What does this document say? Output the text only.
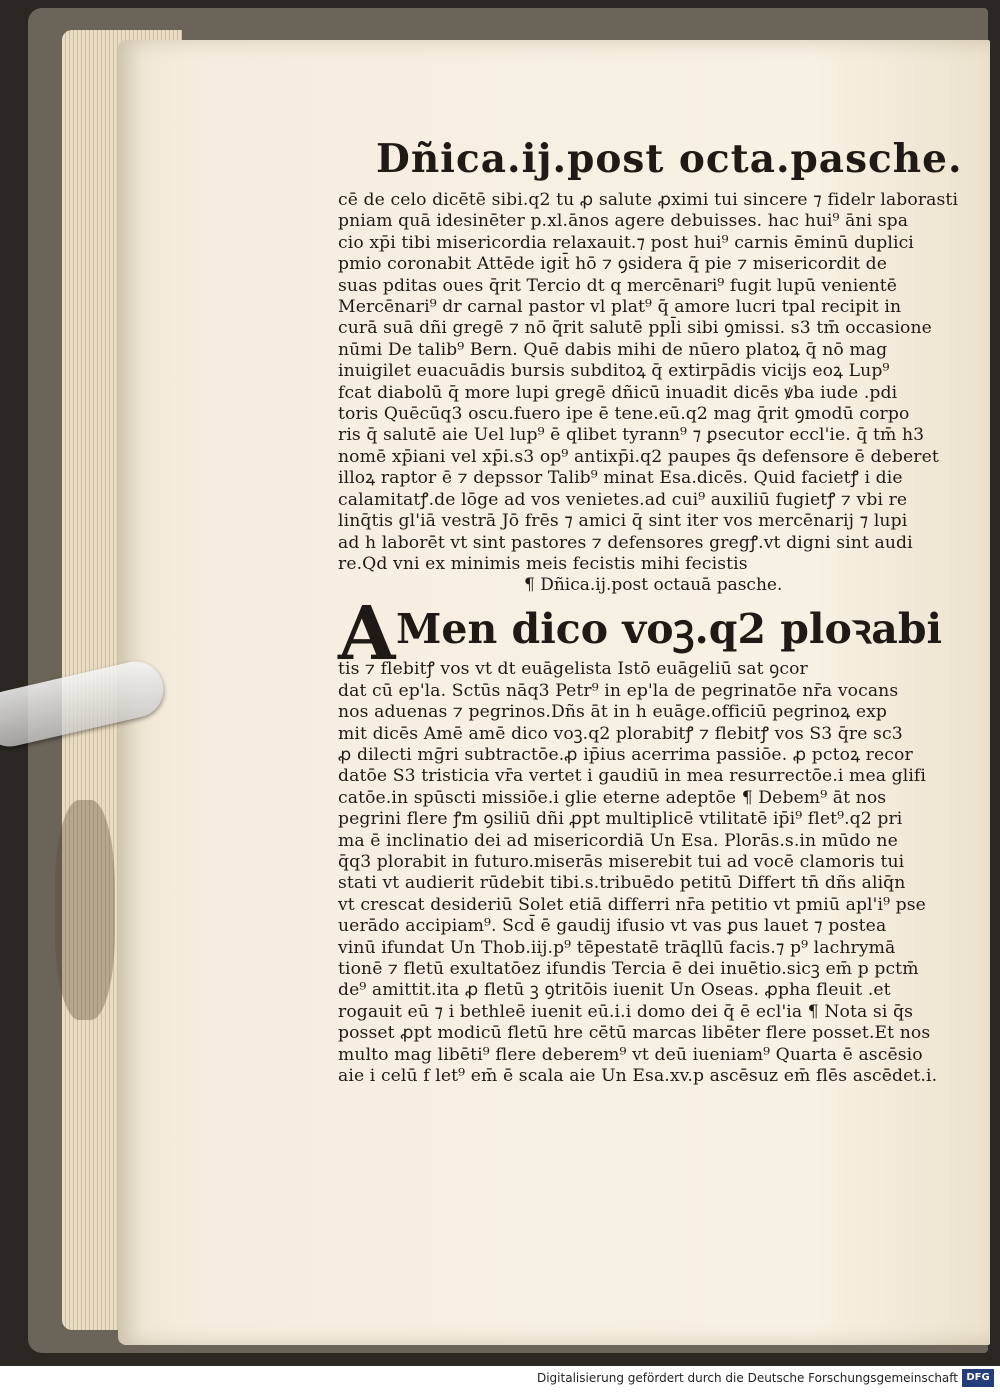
Dñica.ij.post octa.pasche.
cē de celo dicētē sibi.q2 tu ꝓ salute ꝓximi tui sincere ⁊ fidelr laborasti
pniam quā idesinēter p.xl.ānos agere debuisses. hac hui⁹ āni spa
cio xp̄i tibi misericordia relaxauit.⁊ post hui⁹ carnis ēminū duplici
pmio coronabit Attēde igit̄ hō ⁊ ꝯsidera q̄ pie ⁊ misericordit de
suas pditas oues q̄rit Tercio dt q mercēnari⁹ fugit lupū venientē
Mercēnari⁹ dr carnal pastor vl plat⁹ q̄ amore lucri tpal recipit in
curā suā dñi gregē ⁊ nō q̄rit salutē ppl̄i sibi ꝯmissi. s3 tm̄ occasione
nūmi De talib⁹ Bern. Quē dabis mihi de nūero platoꝝ q̄ nō mag
inuigilet euacuādis bursis subditoꝝ q̄ extirpādis vicijs eoꝝ Lup⁹
fcat diabolū q̄ more lupi gregē dñicū inuadit dicēs ꝟba iude .pdi
toris Quēcūq3 oscu.fuero ipe ē tene.eū.q2 mag q̄rit ꝯmodū corpo
ris q̄ salutē aie Uel lup⁹ ē qlibet tyrann⁹ ⁊ ꝑsecutor eccl'ie. q̄ tm̄ h3
nomē xp̄iani vel xp̄i.s3 op⁹ antixp̄i.q2 paupes q̄s defensore ē deberet
illoꝝ raptor ē ⁊ depssor Talib⁹ minat Esa.dicēs. Quid facietꝭ i die
calamitatꝭ.de lōge ad vos venietes.ad cui⁹ auxiliū fugietꝭ ⁊ vbi re
linq̄tis gl'iā vestrā Jō frēs ⁊ amici q̄ sint iter vos mercēnarij ⁊ lupi
ad h laborēt vt sint pastores ⁊ defensores gregꝭ.vt digni sint audi
re.Qd vni ex minimis meis fecistis mihi fecistis
¶ Dñica.ij.post octauā pasche.
A Men dico voꝫ.q2 ploꝛabi
tis ⁊ flebitꝭ vos vt dt euāgelista Istō euāgeliū sat ꝯcor
dat cū ep'la. Sctūs nāq3 Petr⁹ in ep'la de pegrinatōe nr̄a vocans
nos aduenas ⁊ pegrinos.Dñs āt in h euāge.officiū pegrinoꝝ exp
mit dicēs Amē amē dico voꝫ.q2 plorabitꝭ ⁊ flebitꝭ vos S3 q̄re sc3
ꝓ dilecti mḡri subtractōe.ꝓ ip̄ius acerrima passiōe. ꝓ pctoꝝ recor
datōe S3 tristicia vr̄a vertet i gaudiū in mea resurrectōe.i mea glifi
catōe.in spūscti missiōe.i glie eterne adeptōe ¶ Debem⁹ āt nos
pegrini flere ꝭm ꝯsiliū dñi ꝓpt multiplicē vtilitatē ip̄i⁹ flet⁹.q2 pri
ma ē inclinatio dei ad misericordiā Un Esa. Plorās.s.in mūdo ne
q̄q3 plorabit in futuro.miserās miserebit tui ad vocē clamoris tui
stati vt audierit rūdebit tibi.s.tribuēdo petitū Differt tn̄ dñs aliq̄n
vt crescat desideriū Solet etiā differri nr̄a petitio vt pmiū apl'i⁹ pse
uerādo accipiam⁹. Scd̄ ē gaudij ifusio vt vas ꝑus lauet ⁊ postea
vinū ifundat Un Thob.iij.p⁹ tēpestatē trāqllū facis.⁊ p⁹ lachrymā
tionē ⁊ fletū exultatōez ifundis Tercia ē dei inuētio.sicꝫ em̄ p pctm̄
de⁹ amittit.ita ꝓ fletū ꝫ ꝯtritōis iuenit Un Oseas. ꝓpha fleuit .et
rogauit eū ⁊ i bethleē iuenit eū.i.i domo dei q̄ ē ecl'ia ¶ Nota si q̄s
posset ꝓpt modicū fletū hre cētū marcas libēter flere posset.Et nos
multo mag libēti⁹ flere deberem⁹ vt deū iueniam⁹ Quarta ē ascēsio
aie i celū f let⁹ em̄ ē scala aie Un Esa.xv.p ascēsuz em̄ flēs ascēdet.i.
Digitalisierung gefördert durch die Deutsche Forschungsgemeinschaft DFG
